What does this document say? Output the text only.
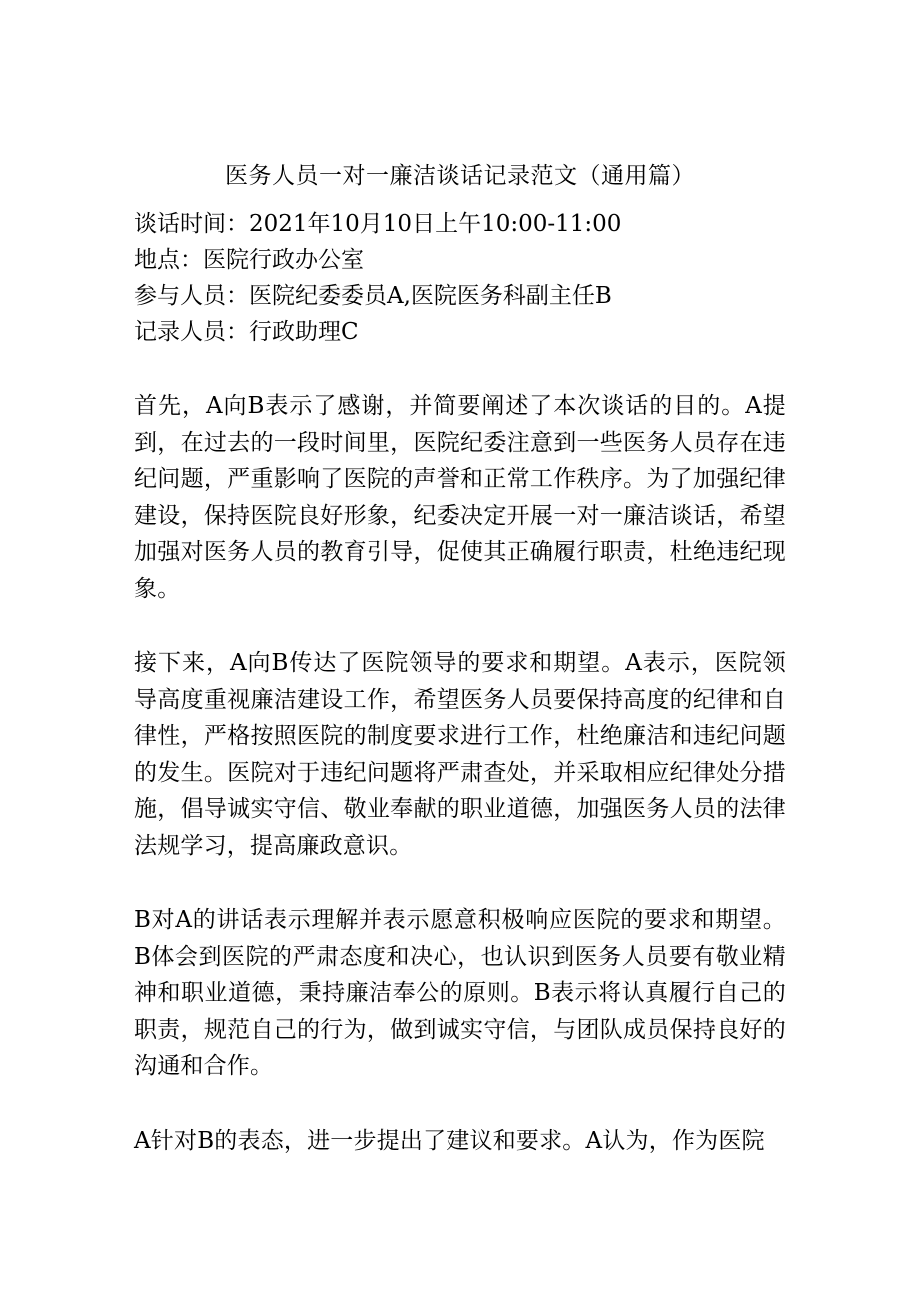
医务人员一对一廉洁谈话记录范文（通用篇）

谈话时间：2021年10月10日上午10:00-11:00

地点：医院行政办公室

参与人员：医院纪委委员A,医院医务科副主任B

记录人员：行政助理C

首先，A向B表示了感谢，并简要阐述了本次谈话的目的。A提到，在过去的一段时间里，医院纪委注意到一些医务人员存在违纪问题，严重影响了医院的声誉和正常工作秩序。为了加强纪律建设，保持医院良好形象，纪委决定开展一对一廉洁谈话，希望加强对医务人员的教育引导，促使其正确履行职责，杜绝违纪现象。

接下来，A向B传达了医院领导的要求和期望。A表示，医院领导高度重视廉洁建设工作，希望医务人员要保持高度的纪律和自律性，严格按照医院的制度要求进行工作，杜绝廉洁和违纪问题的发生。医院对于违纪问题将严肃查处，并采取相应纪律处分措施，倡导诚实守信、敬业奉献的职业道德，加强医务人员的法律法规学习，提高廉政意识。

B对A的讲话表示理解并表示愿意积极响应医院的要求和期望。B体会到医院的严肃态度和决心，也认识到医务人员要有敬业精神和职业道德，秉持廉洁奉公的原则。B表示将认真履行自己的职责，规范自己的行为，做到诚实守信，与团队成员保持良好的沟通和合作。

A针对B的表态，进一步提出了建议和要求。A认为，作为医院
